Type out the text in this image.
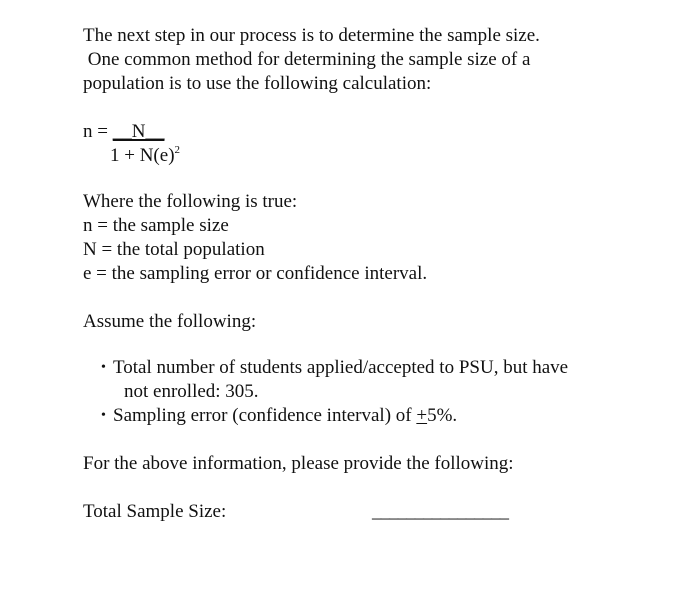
The next step in our process is to determine the sample size.

One common method for determining the sample size of a

population is to use the following calculation:

n = __N__
$1 + N(e)^2$

Where the following is true:

n = the sample size

N = the total population

e = the sampling error or confidence interval.

Assume the following:

• Total number of students applied/accepted to PSU, but have
not enrolled: 305.
• Sampling error (confidence interval) of +5%.

For the above information, please provide the following:

Total Sample Size:	________________
